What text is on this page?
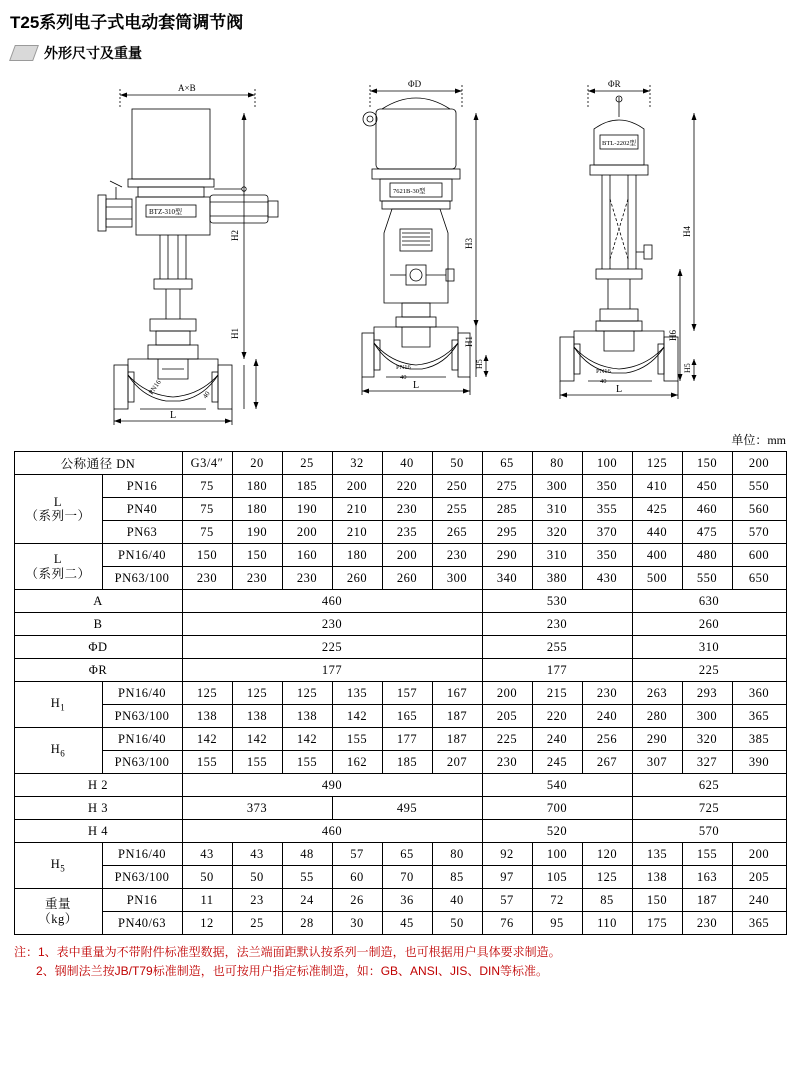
T25系列电子式电动套筒调节阀
外形尺寸及重量
A×B
BTZ-310型
H2
H1
L
PN16	40
ΦD
7621B-30型
PN16
40
H3
H1
H5
L
ΦR
BTL-2202型
PN16
40
H4
H6
H5
L
单位：mm
公称通径 DN		G3/4″	20	25	32	40	50	65	80	100	125	150	200
L
（系列一）	PN16	75	180	185	200	220	250	275	300	350	410	450	550
	PN40	75	180	190	210	230	255	285	310	355	425	460	560
	PN63	75	190	200	210	235	265	295	320	370	440	475	570
L
（系列二）	PN16/40	150	150	160	180	200	230	290	310	350	400	480	600
	PN63/100	230	230	230	260	260	300	340	380	430	500	550	650
A		460						530			630		
B		230						230			260		
ΦD		225						255			310		
ΦR		177						177			225		
$H_1$	PN16/40	125	125	125	135	157	167	200	215	230	263	293	360
	PN63/100	138	138	138	142	165	187	205	220	240	280	300	365
$H_6$	PN16/40	142	142	142	155	177	187	225	240	256	290	320	385
	PN63/100	155	155	155	162	185	207	230	245	267	307	327	390
H 2		490						540			625		
H 3		373			495			700			725		
H 4		460						520			570		
$H_5$	PN16/40	43	43	48	57	65	80	92	100	120	135	155	200
	PN63/100	50	50	55	60	70	85	97	105	125	138	163	205
重量
（kg）	PN16	11	23	24	26	36	40	57	72	85	150	187	240
	PN40/63	12	25	28	30	45	50	76	95	110	175	230	365
注：1、表中重量为不带附件标准型数据，法兰端面距默认按系列一制造，也可根据用户具体要求制造。
2、钢制法兰按JB/T79标准制造，也可按用户指定标准制造，如：GB、ANSI、JIS、DIN等标准。
